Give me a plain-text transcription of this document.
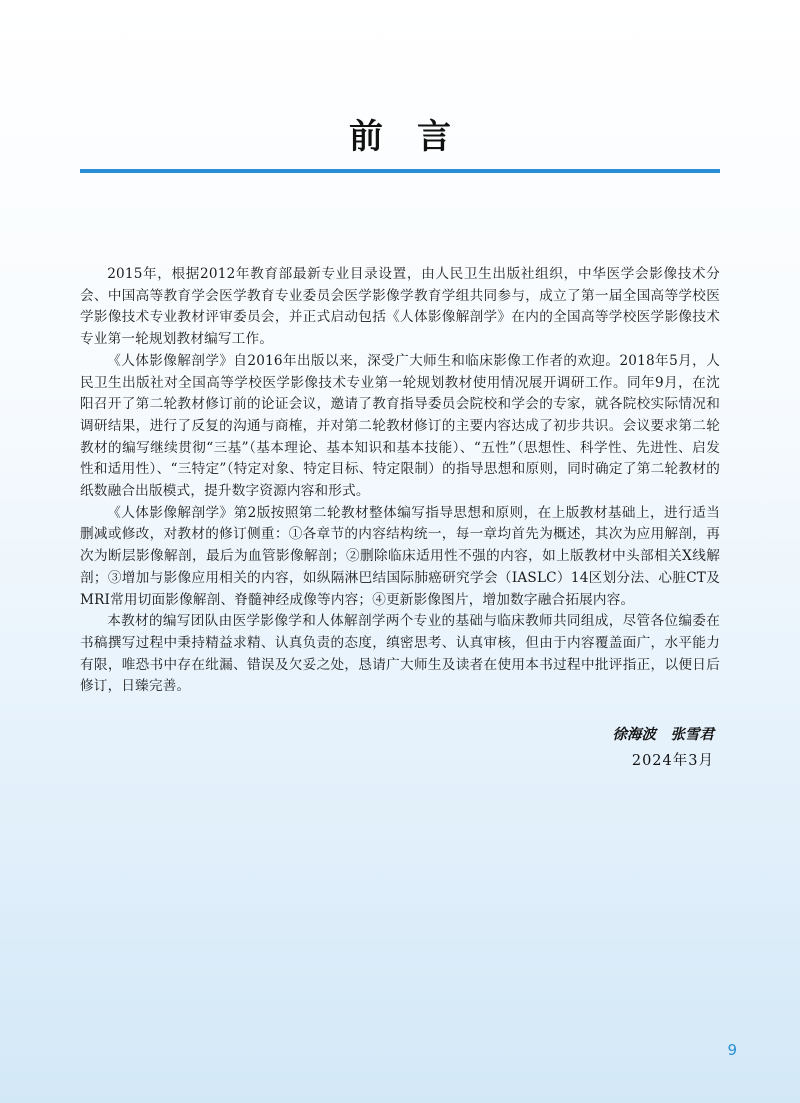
前言

2015年，根据2012年教育部最新专业目录设置，由人民卫生出版社组织，中华医学会影像技术分会、中国高等教育学会医学教育专业委员会医学影像学教育学组共同参与，成立了第一届全国高等学校医学影像技术专业教材评审委员会，并正式启动包括《人体影像解剖学》在内的全国高等学校医学影像技术专业第一轮规划教材编写工作。

《人体影像解剖学》自2016年出版以来，深受广大师生和临床影像工作者的欢迎。2018年5月，人民卫生出版社对全国高等学校医学影像技术专业第一轮规划教材使用情况展开调研工作。同年9月，在沈阳召开了第二轮教材修订前的论证会议，邀请了教育指导委员会院校和学会的专家，就各院校实际情况和调研结果，进行了反复的沟通与商榷，并对第二轮教材修订的主要内容达成了初步共识。会议要求第二轮教材的编写继续贯彻“三基”（基本理论、基本知识和基本技能）、“五性”（思想性、科学性、先进性、启发性和适用性）、“三特定”（特定对象、特定目标、特定限制）的指导思想和原则，同时确定了第二轮教材的纸数融合出版模式，提升数字资源内容和形式。

《人体影像解剖学》第2版按照第二轮教材整体编写指导思想和原则，在上版教材基础上，进行适当删减或修改，对教材的修订侧重：①各章节的内容结构统一，每一章均首先为概述，其次为应用解剖，再次为断层影像解剖，最后为血管影像解剖；②删除临床适用性不强的内容，如上版教材中头部相关X线解剖；③增加与影像应用相关的内容，如纵隔淋巴结国际肺癌研究学会（IASLC）14区划分法、心脏CT及MRI常用切面影像解剖、脊髓神经成像等内容；④更新影像图片，增加数字融合拓展内容。

本教材的编写团队由医学影像学和人体解剖学两个专业的基础与临床教师共同组成，尽管各位编委在书稿撰写过程中秉持精益求精、认真负责的态度，缜密思考、认真审核，但由于内容覆盖面广，水平能力有限，唯恐书中存在纰漏、错误及欠妥之处，恳请广大师生及读者在使用本书过程中批评指正，以便日后修订，日臻完善。

徐海波　张雪君
2024年3月
9
